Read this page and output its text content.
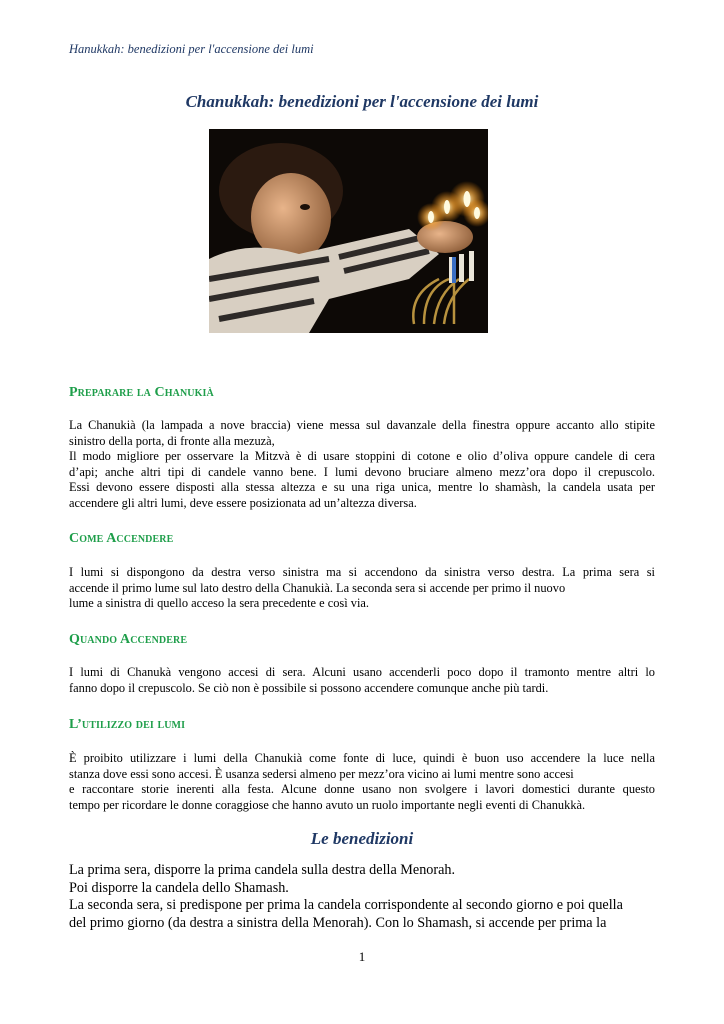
Hanukkah: benedizioni per l'accensione dei lumi
Chanukkah: benedizioni per l'accensione dei lumi
Preparare la Chanukià
La Chanukià (la lampada a nove braccia) viene messa sul davanzale della finestra oppure accanto allo stipite
sinistro della porta, di fronte alla mezuzà,
Il modo migliore per osservare la Mitzvà è di usare stoppini di cotone e olio d’oliva oppure candele di cera
d’api; anche altri tipi di candele vanno bene. I lumi devono bruciare almeno mezz’ora dopo il crepuscolo.
Essi devono essere disposti alla stessa altezza e su una riga unica, mentre lo shamàsh, la candela usata per
accendere gli altri lumi, deve essere posizionata ad un’altezza diversa.
Come Accendere
I lumi si dispongono da destra verso sinistra ma si accendono da sinistra verso destra. La prima sera si
accende il primo lume sul lato destro della Chanukià. La seconda sera si accende per primo il nuovo
lume a sinistra di quello acceso la sera precedente e così via.
Quando Accendere
I lumi di Chanukà vengono accesi di sera. Alcuni usano accenderli poco dopo il tramonto mentre altri lo
fanno dopo il crepuscolo. Se ciò non è possibile si possono accendere comunque anche più tardi.
L’utilizzo dei lumi
È proibito utilizzare i lumi della Chanukià come fonte di luce, quindi è buon uso accendere la luce nella
stanza dove essi sono accesi. È usanza sedersi almeno per mezz’ora vicino ai lumi mentre sono accesi
e raccontare storie inerenti alla festa. Alcune donne usano non svolgere i lavori domestici durante questo
tempo per ricordare le donne coraggiose che hanno avuto un ruolo importante negli eventi di Chanukkà.
Le benedizioni
La prima sera, disporre la prima candela sulla destra della Menorah.
Poi disporre la candela dello Shamash.
La seconda sera, si predispone per prima la candela corrispondente al secondo giorno e poi quella
del primo giorno (da destra a sinistra della Menorah). Con lo Shamash, si accende per prima la
1
